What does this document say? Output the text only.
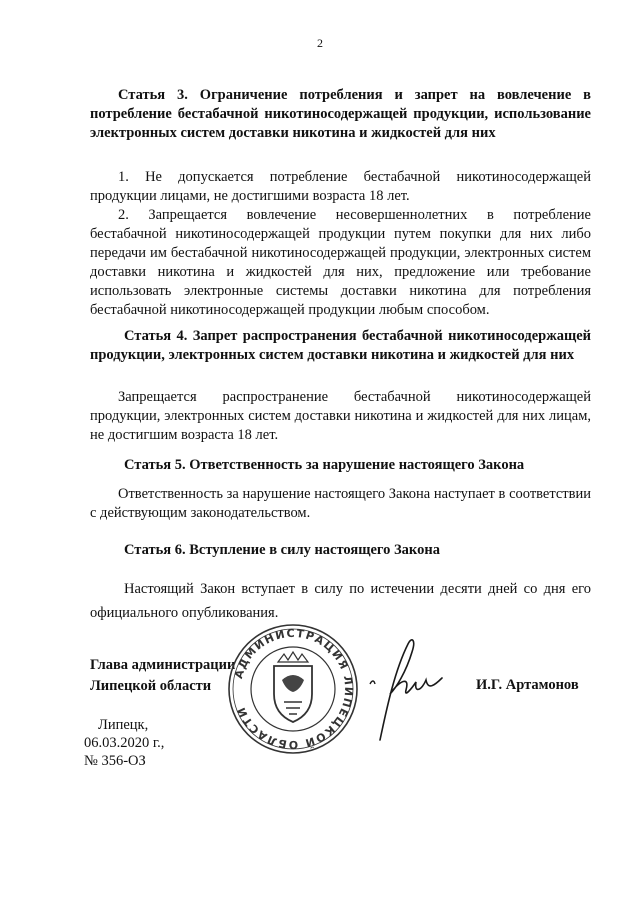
2
Статья 3. Ограничение потребления и запрет на вовлечение в потребление бестабачной никотиносодержащей продукции, использование электронных систем доставки никотина и жидкостей для них
1. Не допускается потребление бестабачной никотиносодержащей продукции лицами, не достигшими возраста 18 лет.
2. Запрещается вовлечение несовершеннолетних в потребление бестабачной никотиносодержащей продукции путем покупки для них либо передачи им бестабачной никотиносодержащей продукции, электронных систем доставки никотина и жидкостей для них, предложение или требование использовать электронные системы доставки никотина для потребления бестабачной никотиносодержащей продукции любым способом.
Статья 4. Запрет распространения бестабачной никотиносодержащей продукции, электронных систем доставки никотина и жидкостей для них
Запрещается распространение бестабачной никотиносодержащей продукции, электронных систем доставки никотина и жидкостей для них лицам, не достигшим возраста 18 лет.
Статья 5. Ответственность за нарушение настоящего Закона
Ответственность за нарушение настоящего Закона наступает в соответствии с действующим законодательством.
Статья 6. Вступление в силу настоящего Закона
Настоящий Закон вступает в силу по истечении десяти дней со дня его официального опубликования.
Глава администрации
Липецкой области
АДМИНИСТРАЦИЯ ЛИПЕЦКОЙ ОБЛАСТИ
И.Г. Артамонов
Липецк,
06.03.2020 г.,
№ 356-ОЗ
